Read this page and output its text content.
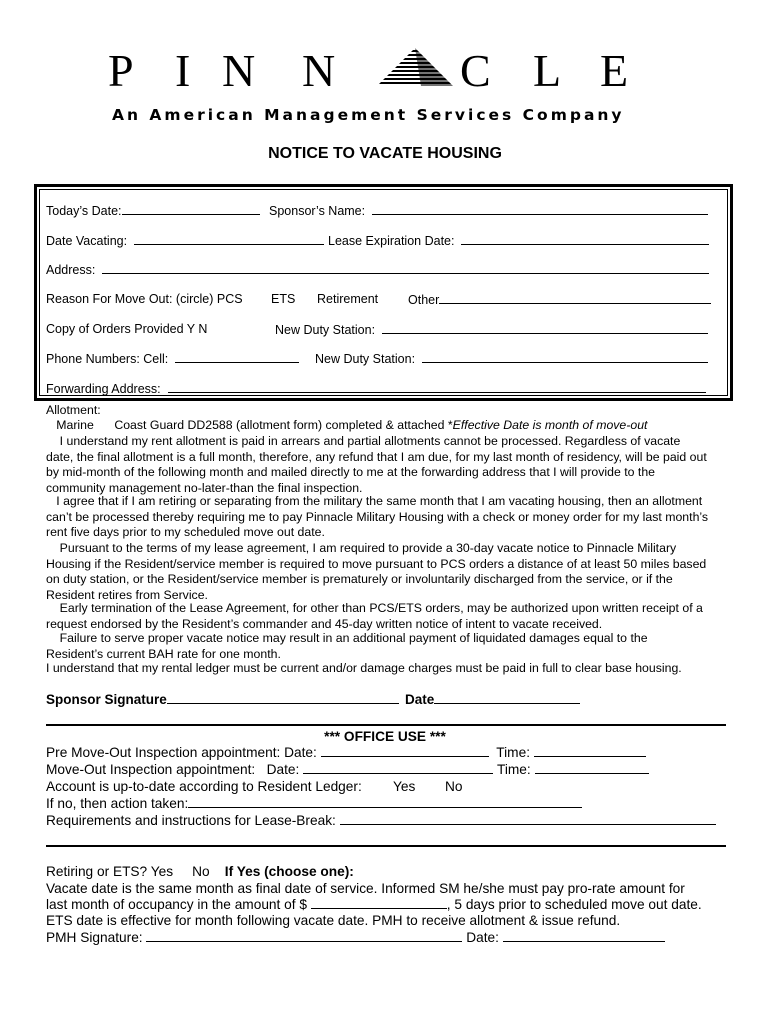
P I N N	C L E
An American Management Services Company
NOTICE TO VACATE HOUSING
Today’s Date:	Sponsor’s Name:
Date Vacating:	Lease Expiration Date:
Address:
Reason For Move Out: (circle) PCS ETS Retirement Other
Copy of Orders Provided Y N	New Duty Station:
Phone Numbers: Cell:	New Duty Station:
Forwarding Address:
Allotment:
Marine      Coast Guard DD2588 (allotment form) completed & attached *Effective Date is month of move-out
I understand my rent allotment is paid in arrears and partial allotments cannot be processed. Regardless of vacate
date, the final allotment is a full month, therefore, any refund that I am due, for my last month of residency, will be paid out
by mid-month of the following month and mailed directly to me at the forwarding address that I will provide to the
community management no-later-than the final inspection.
I agree that if I am retiring or separating from the military the same month that I am vacating housing, then an allotment
can’t be processed thereby requiring me to pay Pinnacle Military Housing with a check or money order for my last month’s
rent five days prior to my scheduled move out date.
Pursuant to the terms of my lease agreement, I am required to provide a 30-day vacate notice to Pinnacle Military
Housing if the Resident/service member is required to move pursuant to PCS orders a distance of at least 50 miles based
on duty station, or the Resident/service member is prematurely or involuntarily discharged from the service, or if the
Resident retires from Service.
Early termination of the Lease Agreement, for other than PCS/ETS orders, may be authorized upon written receipt of a
request endorsed by the Resident’s commander and 45-day written notice of intent to vacate received.
Failure to serve proper vacate notice may result in an additional payment of liquidated damages equal to the
Resident’s current BAH rate for one month.
I understand that my rental ledger must be current and/or damage charges must be paid in full to clear base housing.
Sponsor Signature	Date
*** OFFICE USE ***
Pre Move-Out Inspection appointment: Date:	Time:
Move-Out Inspection appointment:   Date:	Time:
Account is up-to-date according to Resident Ledger: Yes No
If no, then action taken:
Requirements and instructions for Lease-Break:
Retiring or ETS? Yes     No If Yes (choose one):
Vacate date is the same month as final date of service. Informed SM he/she must pay pro-rate amount for
last month of occupancy in the amount of $	, 5 days prior to scheduled move out date.
ETS date is effective for month following vacate date. PMH to receive allotment & issue refund.
PMH Signature:	Date:
